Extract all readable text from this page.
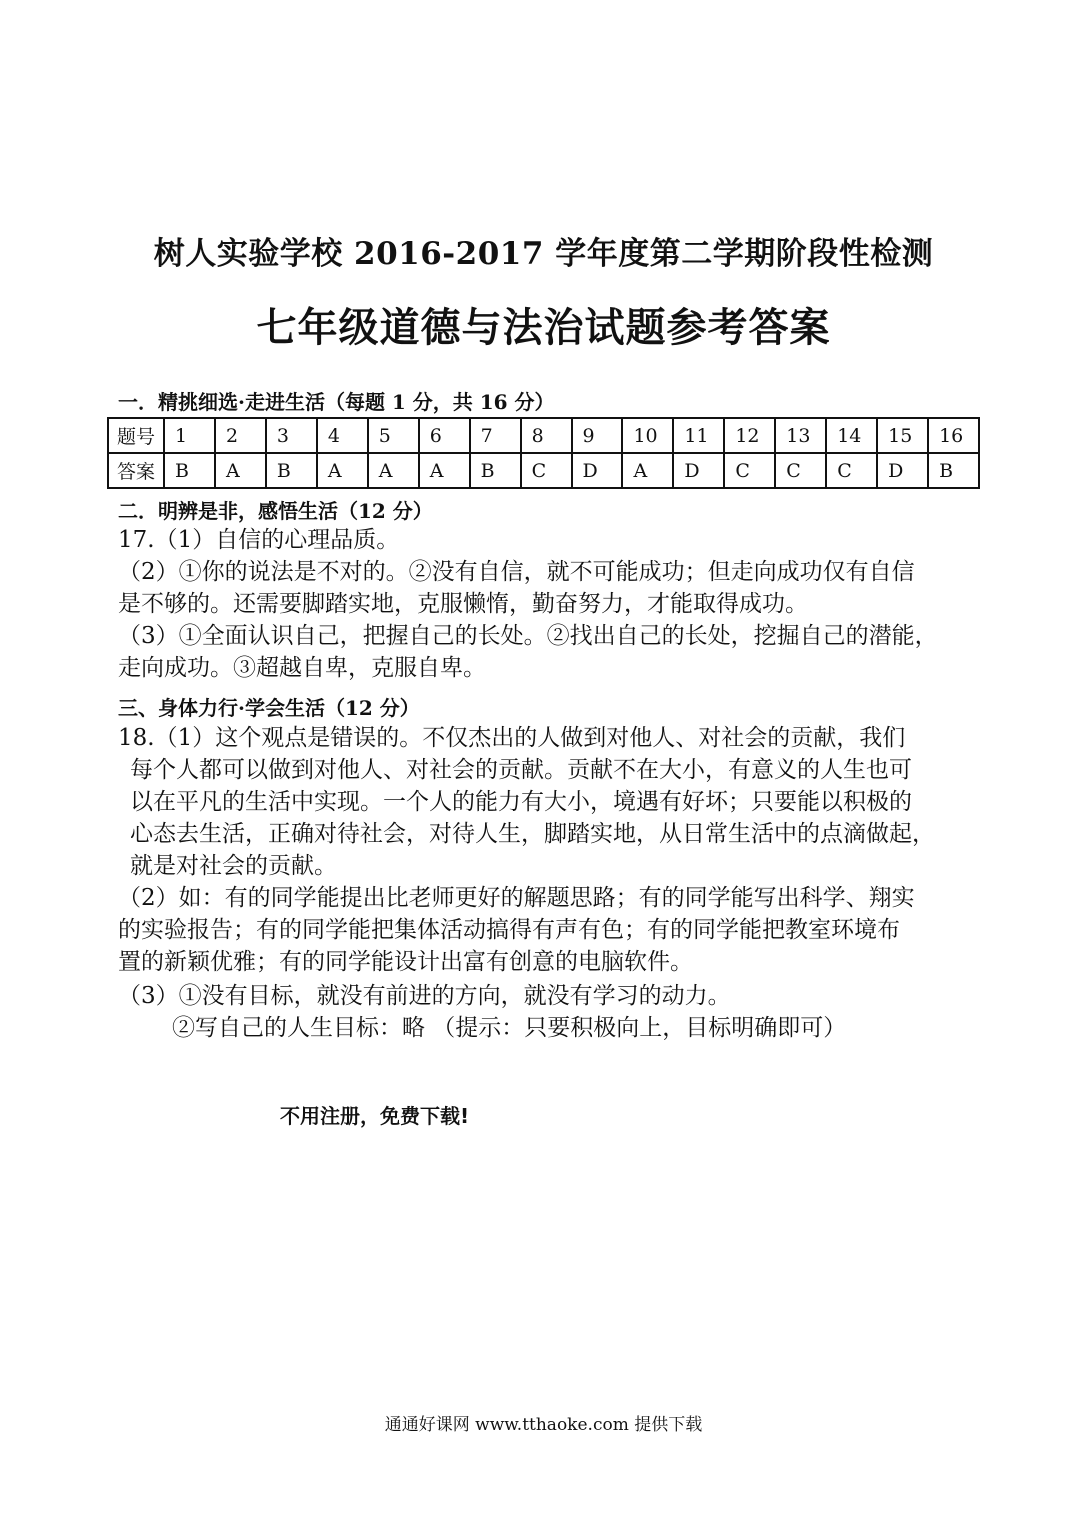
树人实验学校 2016-2017 学年度第二学期阶段性检测
七年级道德与法治试题参考答案
一．精挑细选·走进生活（每题 1 分，共 16 分）
题号	1	2	3	4	5	6	7	8	9	10	11	12	13	14	15	16
答案	B	A	B	A	A	A	B	C	D	A	D	C	C	C	D	B
二．明辨是非，感悟生活（12 分）
17.（1）自信的心理品质。
（2）①你的说法是不对的。②没有自信，就不可能成功；但走向成功仅有自信
是不够的。还需要脚踏实地，克服懒惰，勤奋努力，才能取得成功。
（3）①全面认识自己，把握自己的长处。②找出自己的长处，挖掘自己的潜能，
走向成功。③超越自卑，克服自卑。
三、身体力行·学会生活（12 分）
18.（1）这个观点是错误的。不仅杰出的人做到对他人、对社会的贡献，我们
每个人都可以做到对他人、对社会的贡献。贡献不在大小，有意义的人生也可
以在平凡的生活中实现。一个人的能力有大小，境遇有好坏；只要能以积极的
心态去生活，正确对待社会，对待人生，脚踏实地，从日常生活中的点滴做起，
就是对社会的贡献。
（2）如：有的同学能提出比老师更好的解题思路；有的同学能写出科学、翔实
的实验报告；有的同学能把集体活动搞得有声有色；有的同学能把教室环境布
置的新颖优雅；有的同学能设计出富有创意的电脑软件。
（3）①没有目标，就没有前进的方向，就没有学习的动力。
②写自己的人生目标：略 （提示：只要积极向上，目标明确即可）
不用注册，免费下载!
通通好课网 www.tthaoke.com 提供下载
